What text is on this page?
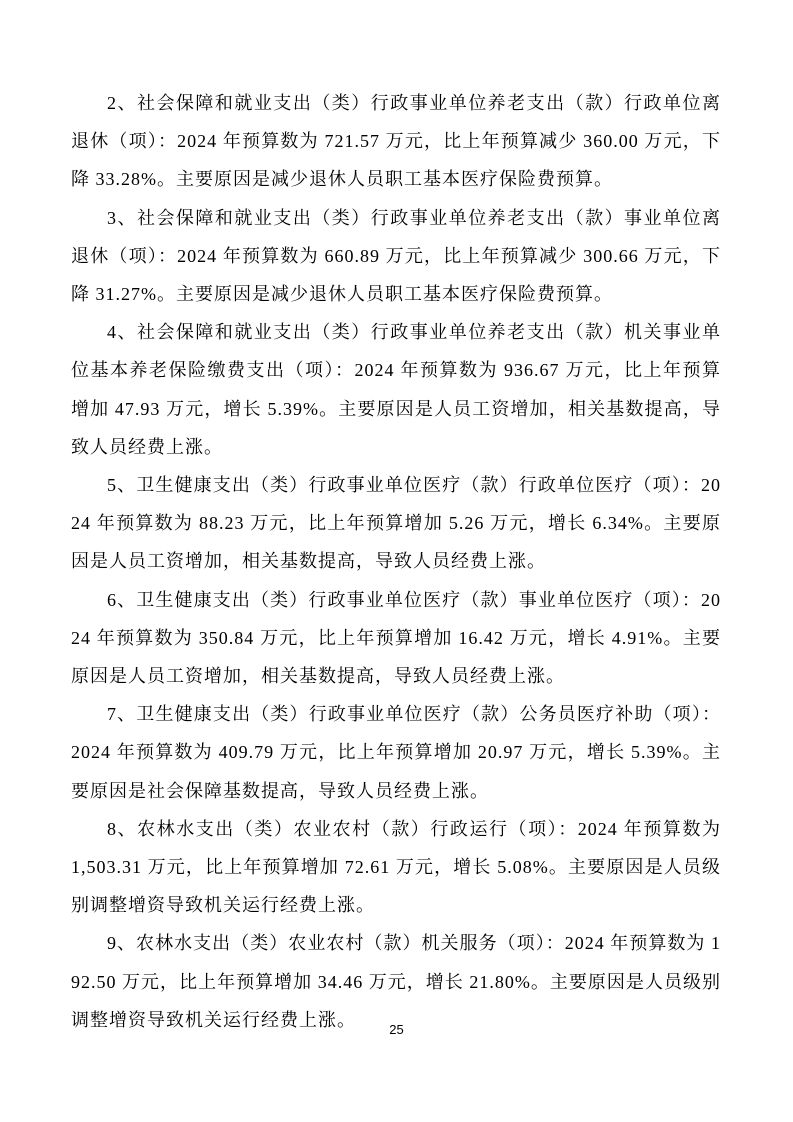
2、社会保障和就业支出（类）行政事业单位养老支出（款）行政单位离退休（项）：2024 年预算数为 721.57 万元，比上年预算减少 360.00 万元，下降 33.28%。主要原因是减少退休人员职工基本医疗保险费预算。

3、社会保障和就业支出（类）行政事业单位养老支出（款）事业单位离退休（项）：2024 年预算数为 660.89 万元，比上年预算减少 300.66 万元，下降 31.27%。主要原因是减少退休人员职工基本医疗保险费预算。

4、社会保障和就业支出（类）行政事业单位养老支出（款）机关事业单位基本养老保险缴费支出（项）：2024 年预算数为 936.67 万元，比上年预算增加 47.93 万元，增长 5.39%。主要原因是人员工资增加，相关基数提高，导致人员经费上涨。

5、卫生健康支出（类）行政事业单位医疗（款）行政单位医疗（项）：2024 年预算数为 88.23 万元，比上年预算增加 5.26 万元，增长 6.34%。主要原因是人员工资增加，相关基数提高，导致人员经费上涨。

6、卫生健康支出（类）行政事业单位医疗（款）事业单位医疗（项）：2024 年预算数为 350.84 万元，比上年预算增加 16.42 万元，增长 4.91%。主要原因是人员工资增加，相关基数提高，导致人员经费上涨。

7、卫生健康支出（类）行政事业单位医疗（款）公务员医疗补助（项）：2024 年预算数为 409.79 万元，比上年预算增加 20.97 万元，增长 5.39%。主要原因是社会保障基数提高，导致人员经费上涨。

8、农林水支出（类）农业农村（款）行政运行（项）：2024 年预算数为 1,503.31 万元，比上年预算增加 72.61 万元，增长 5.08%。主要原因是人员级别调整增资导致机关运行经费上涨。

9、农林水支出（类）农业农村（款）机关服务（项）：2024 年预算数为 192.50 万元，比上年预算增加 34.46 万元，增长 21.80%。主要原因是人员级别调整增资导致机关运行经费上涨。	25
